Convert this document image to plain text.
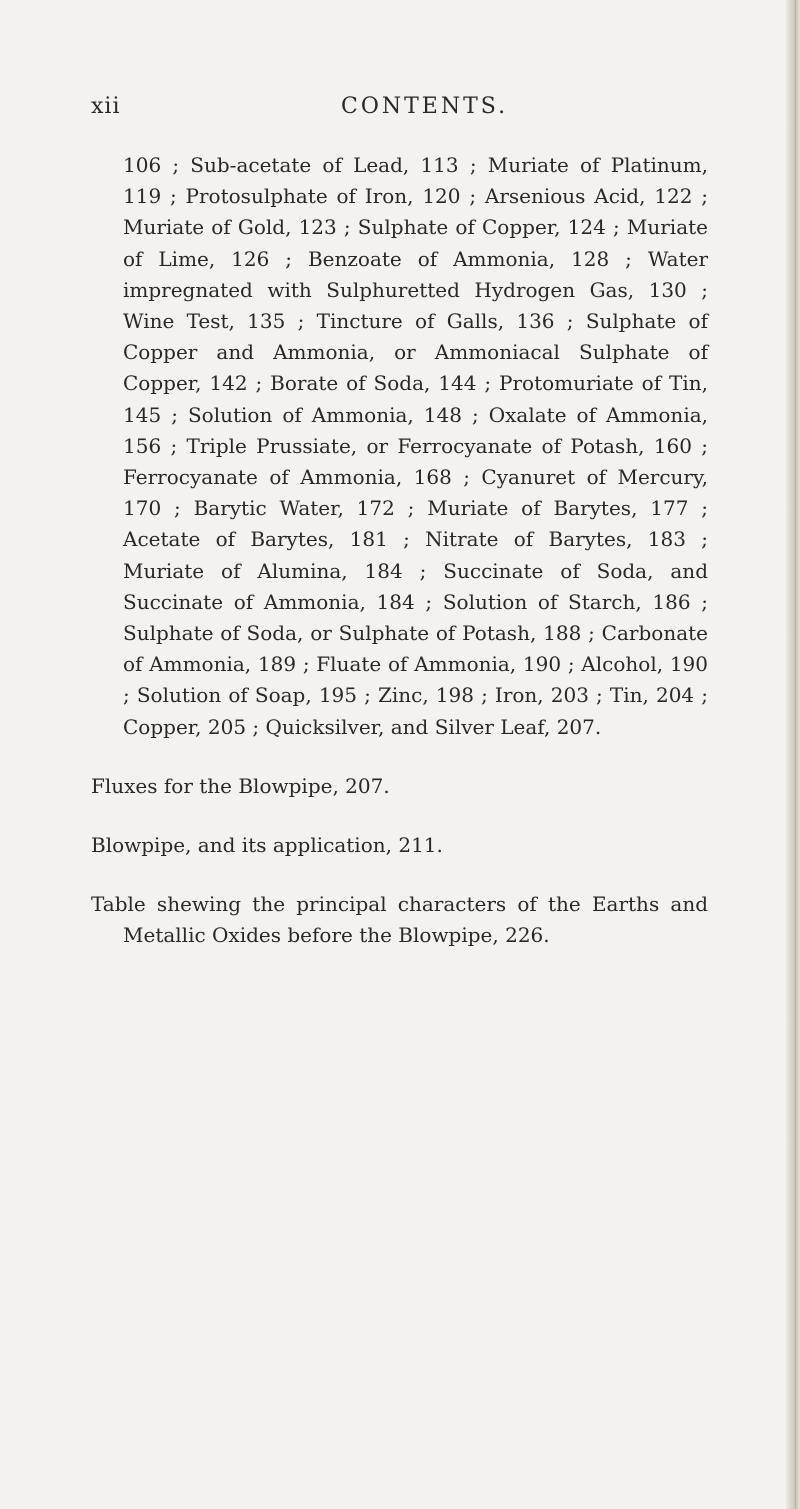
xii	CONTENTS.

106 ; Sub-acetate of Lead, 113 ; Muriate of Platinum, 119 ; Protosulphate of Iron, 120 ; Arsenious Acid, 122 ; Muriate of Gold, 123 ; Sulphate of Copper, 124 ; Muriate of Lime, 126 ; Benzoate of Ammonia, 128 ; Water impregnated with Sulphuretted Hydrogen Gas, 130 ; Wine Test, 135 ; Tincture of Galls, 136 ; Sulphate of Copper and Ammonia, or Ammoniacal Sulphate of Copper, 142 ; Borate of Soda, 144 ; Protomuriate of Tin, 145 ; Solution of Ammonia, 148 ; Oxalate of Ammonia, 156 ; Triple Prussiate, or Ferrocyanate of Potash, 160 ; Ferrocyanate of Ammonia, 168 ; Cyanuret of Mercury, 170 ; Barytic Water, 172 ; Muriate of Barytes, 177 ; Acetate of Barytes, 181 ; Nitrate of Barytes, 183 ; Muriate of Alumina, 184 ; Succinate of Soda, and Succinate of Ammonia, 184 ; Solution of Starch, 186 ; Sulphate of Soda, or Sulphate of Potash, 188 ; Carbonate of Ammonia, 189 ; Fluate of Ammonia, 190 ; Alcohol, 190 ; Solution of Soap, 195 ; Zinc, 198 ; Iron, 203 ; Tin, 204 ; Copper, 205 ; Quicksilver, and Silver Leaf, 207.

Fluxes for the Blowpipe, 207.

Blowpipe, and its application, 211.

Table shewing the principal characters of the Earths and Metallic Oxides before the Blowpipe, 226.
